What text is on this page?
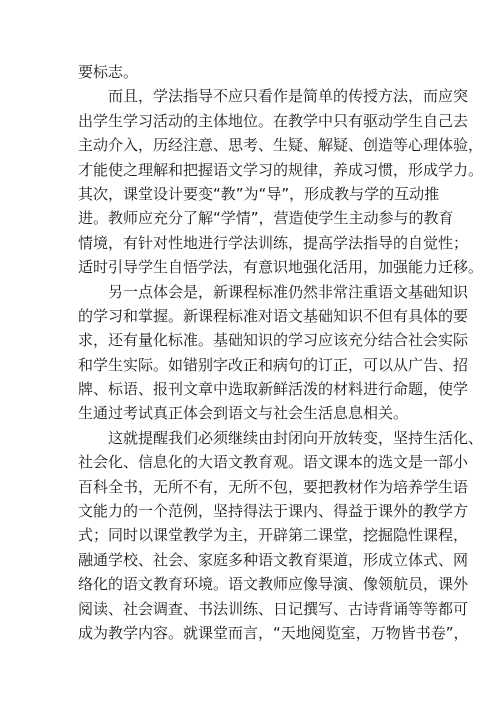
要标志。
而且，学法指导不应只看作是简单的传授方法，而应突
出学生学习活动的主体地位。在教学中只有驱动学生自己去
主动介入，历经注意、思考、生疑、解疑、创造等心理体验，
才能使之理解和把握语文学习的规律，养成习惯，形成学力。
其次，课堂设计要变“教”为“导”，形成教与学的互动推
进。教师应充分了解“学情”，营造使学生主动参与的教育
情境，有针对性地进行学法训练，提高学法指导的自觉性；
适时引导学生自悟学法，有意识地强化活用，加强能力迁移。
另一点体会是，新课程标准仍然非常注重语文基础知识
的学习和掌握。新课程标准对语文基础知识不但有具体的要
求，还有量化标准。基础知识的学习应该充分结合社会实际
和学生实际。如错别字改正和病句的订正，可以从广告、招
牌、标语、报刊文章中选取新鲜活泼的材料进行命题，使学
生通过考试真正体会到语文与社会生活息息相关。
这就提醒我们必须继续由封闭向开放转变，坚持生活化、
社会化、信息化的大语文教育观。语文课本的选文是一部小
百科全书，无所不有，无所不包，要把教材作为培养学生语
文能力的一个范例，坚持得法于课内、得益于课外的教学方
式；同时以课堂教学为主，开辟第二课堂，挖掘隐性课程，
融通学校、社会、家庭多种语文教育渠道，形成立体式、网
络化的语文教育环境。语文教师应像导演、像领航员，课外
阅读、社会调查、书法训练、日记撰写、古诗背诵等等都可
成为教学内容。就课堂而言，“天地阅览室，万物皆书卷”，
